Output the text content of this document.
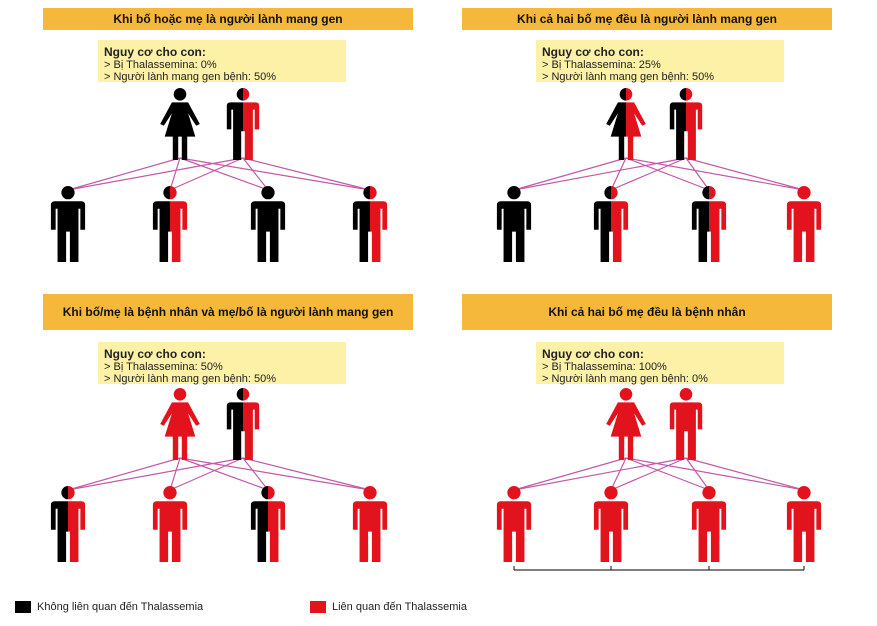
Khi bố hoặc mẹ là người lành mang gen
Nguy cơ cho con:
> Bị Thalassemina: 0%
> Người lành mang gen bệnh: 50%
Khi cả hai bố mẹ đều là người lành mang gen
Nguy cơ cho con:
> Bị Thalassemina: 25%
> Người lành mang gen bệnh: 50%
Khi bố/mẹ là bệnh nhân và mẹ/bố là người lành mang gen
Nguy cơ cho con:
> Bị Thalassemina: 50%
> Người lành mang gen bệnh: 50%
Khi cả hai bố mẹ đều là bệnh nhân
Nguy cơ cho con:
> Bị Thalassemina: 100%
> Người lành mang gen bệnh: 0%
Không liên quan đến Thalassemia	Liên quan đến Thalassemia
